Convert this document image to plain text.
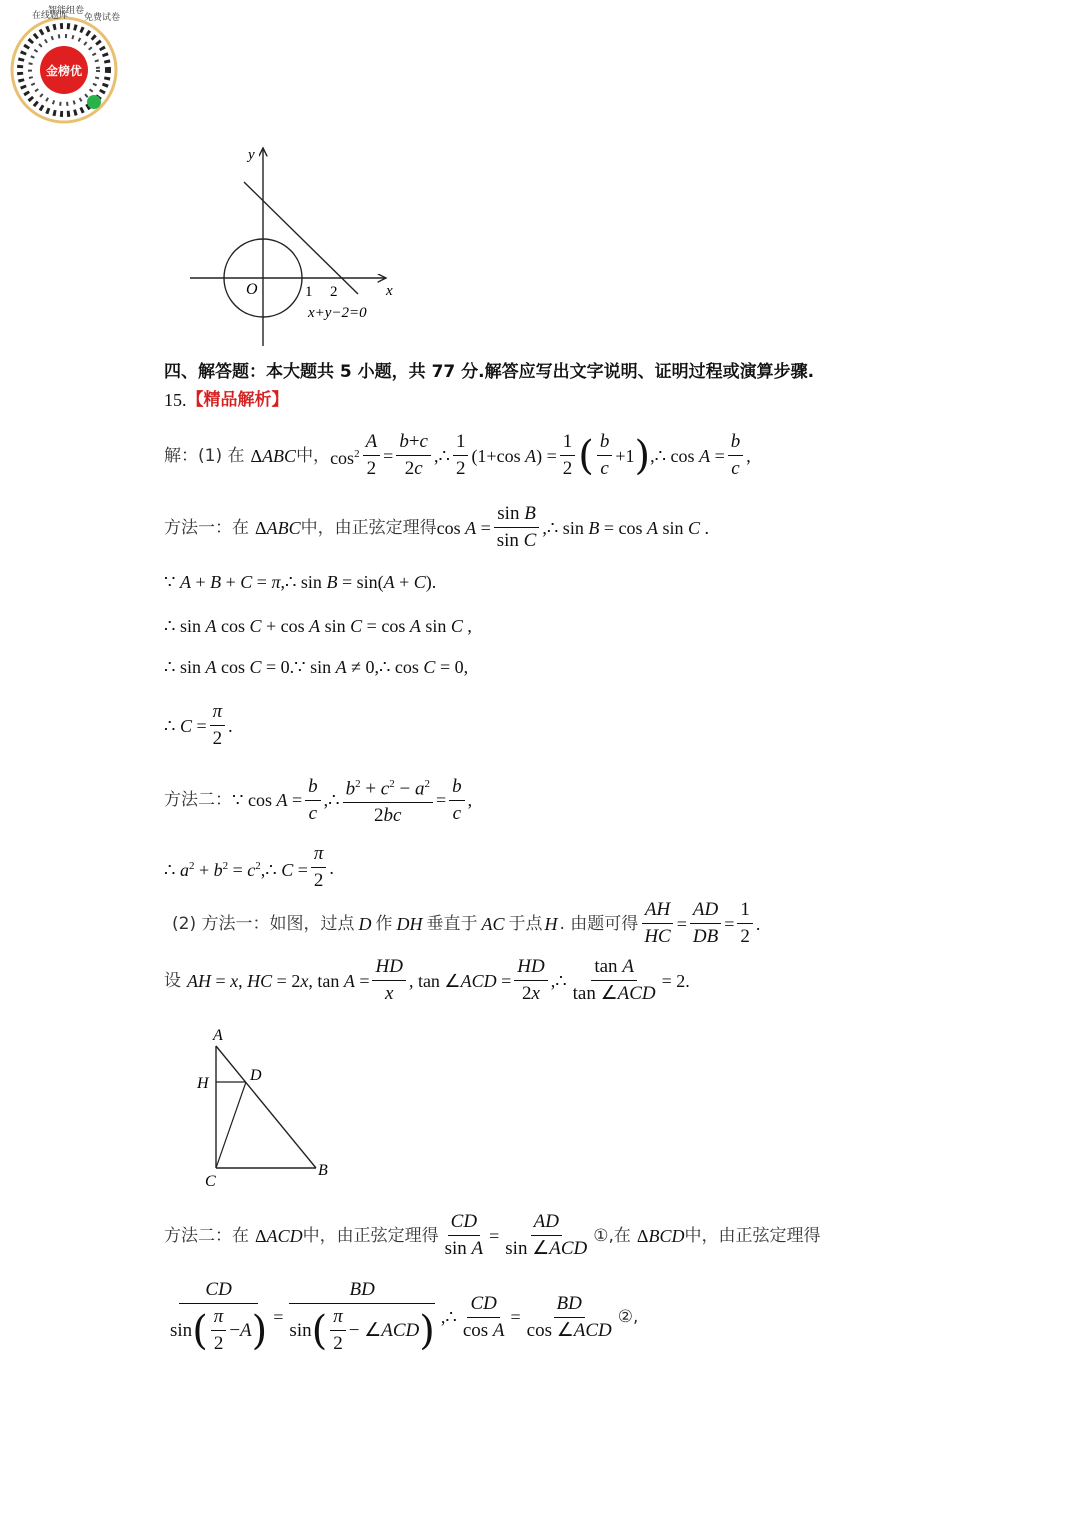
在线题库
智能组卷
免费试卷
金榜优
y
x
O	1 2
x+y−2=0
四、解答题：本大题共 5 小题，共 77 分.解答应写出文字说明、证明过程或演算步骤.
15. 【精品解析】
解：(1) 在 Δ ABC 中， $\cos^2 \frac{A}{2} = \frac{b+c}{2c}$ ,∴ $\frac{1}{2} (1+\cos$ $A) = \frac{1}{2}$ ( $\frac{b}{c} +1$ ) ,∴ $\cos A = \frac{b}{c}$ ,
方法一：在 Δ ABC 中，由正弦定理得 $\cos A = \frac{\text{sin B}}{\text{sin C}}$ ,∴ sin B = cos A sin C .
∵ A + B + C = π,∴ sin B = sin(A + C).
∴ sin A cos C + cos A sin C = cos A sin C ,
∴ sin A cos C = 0.∵ sin A ≠ 0,∴ cos C = 0,
∴ $C = \frac{\pi}{2}$ .
方法二： ∵ $\cos A = \frac{b}{c}$ ,∴ $\frac{b^2 + c^2 - a^2}{2bc} = \frac{b}{c}$ ,
∴ $a^2 + b^2$ = $c^2,\therefore$ $C = \frac{\pi}{2}$ .
(2) 方法一：如图，过点 D 作 DH 垂直于 AC 于点 H . 由题可得 $\frac{AH}{HC} = \frac{AD}{DB} = \frac{1}{2}$ .
设 AH = x, HC = 2x, $\tan A = \frac{HD}{x}$ , tan ∠ACD = $\frac{HD}{2x}$ ,∴ $\frac{\text{tan A}}{\text{tan ∠ACD}} = 2$.
A
B
C
D
H
方法二：在 Δ ACD 中，由正弦定理得 $\frac{CD}{\text{sin A}} = \frac{AD}{\text{sin ∠ACD}}$ ①,在 Δ BCD 中，由正弦定理得
$\frac{CD}{\sin ( \frac{\pi}{2} - A )} = \frac{BD}{\sin ( \frac{\pi}{2} - \angle ACD )}$ ,∴ $\frac{CD}{\text{cos A}} = \frac{BD}{\text{cos ∠ACD}}$ ②,
